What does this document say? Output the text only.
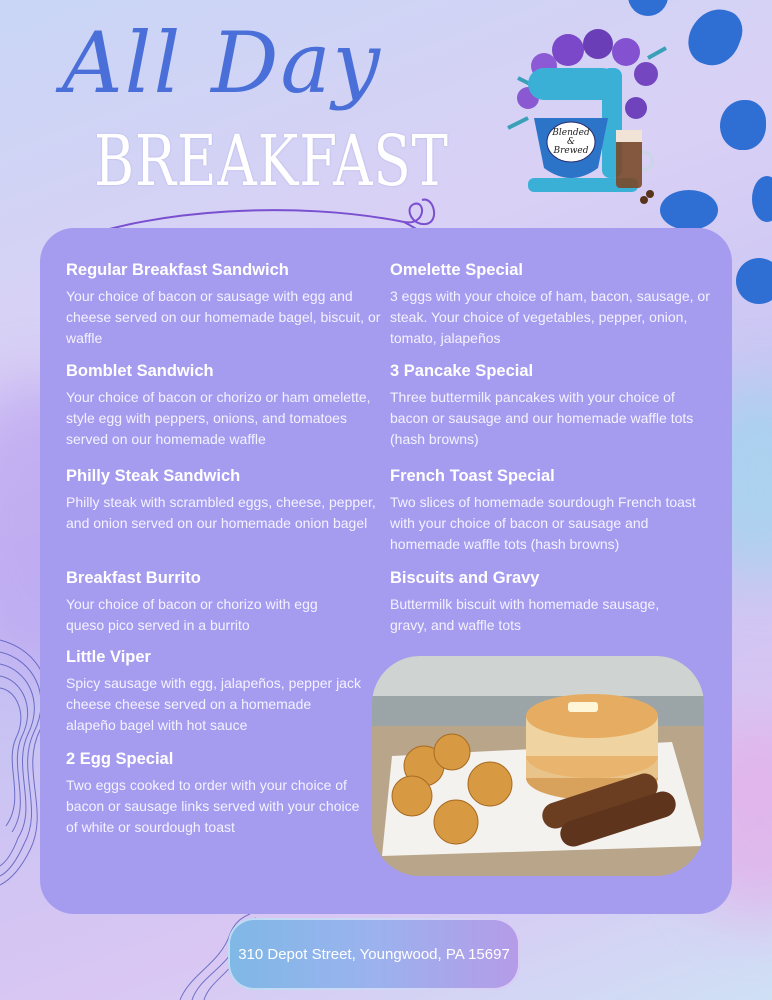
All Day
BREAKFAST	Blended
&
Brewed
Regular Breakfast Sandwich

Your choice of bacon or sausage with egg and cheese served on our homemade bagel, biscuit, or waffle

Bomblet Sandwich

Your choice of bacon or chorizo or ham omelette, style egg with peppers, onions, and tomatoes served on our homemade waffle

Philly Steak Sandwich

Philly steak with scrambled eggs, cheese, pepper, and onion served on our homemade onion bagel

Breakfast Burrito

Your choice of bacon or chorizo with egg queso pico served in a burrito

Little Viper

Spicy sausage with egg, jalapeños, pepper jack cheese cheese served on a homemade alapeño bagel with hot sauce

2 Egg Special

Two eggs cooked to order with your choice of bacon or sausage links served with your choice of white or sourdough toast

Omelette Special

3 eggs with your choice of ham, bacon, sausage, or steak. Your choice of vegetables, pepper, onion, tomato, jalapeños

3 Pancake Special

Three buttermilk pancakes with your choice of bacon or sausage and our homemade waffle tots (hash browns)

French Toast Special

Two slices of homemade sourdough French toast with your choice of bacon or sausage and homemade waffle tots (hash browns)

Biscuits and Gravy

Buttermilk biscuit with homemade sausage, gravy, and waffle tots

310 Depot Street, Youngwood, PA 15697
